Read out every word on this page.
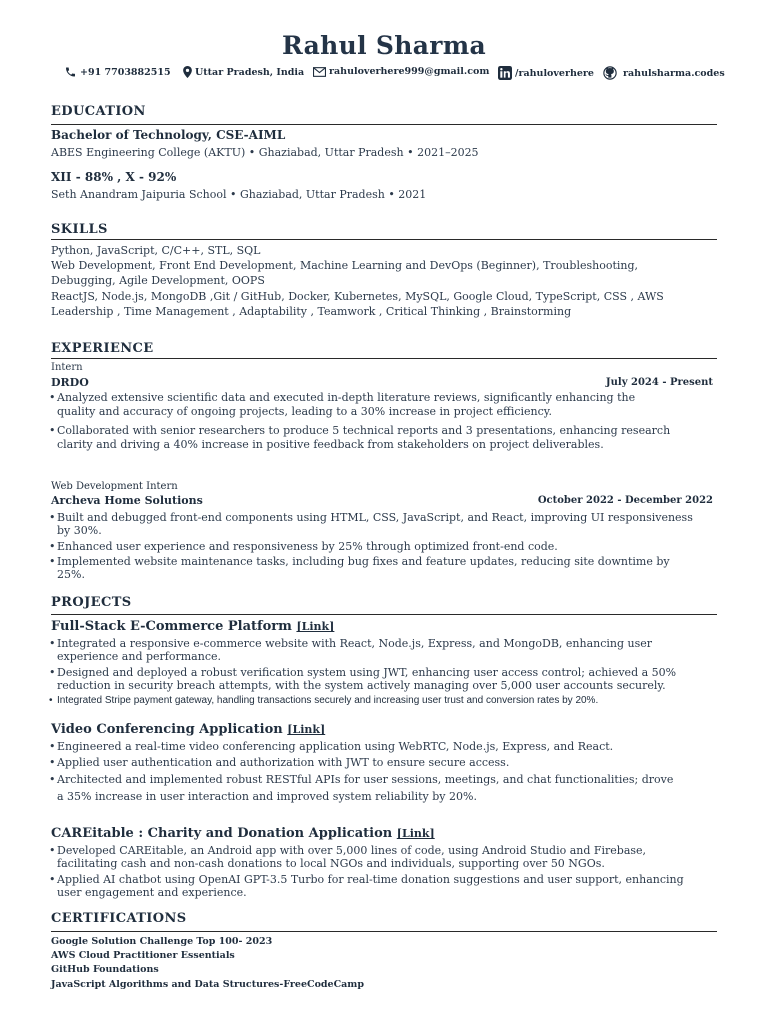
Rahul Sharma
+91 7703882515	Uttar Pradesh, India	rahuloverhere999@gmail.com	/rahuloverhere	rahulsharma.codes
EDUCATION
Bachelor of Technology, CSE-AIML
ABES Engineering College (AKTU) • Ghaziabad, Uttar Pradesh • 2021–2025
XII - 88% , X - 92%
Seth Anandram Jaipuria School • Ghaziabad, Uttar Pradesh • 2021
SKILLS
Python, JavaScript, C/C++, STL, SQL
Web Development, Front End Development, Machine Learning and DevOps (Beginner), Troubleshooting,
Debugging, Agile Development, OOPS
ReactJS, Node.js, MongoDB ,Git / GitHub, Docker, Kubernetes, MySQL, Google Cloud, TypeScript, CSS , AWS
Leadership , Time Management , Adaptability , Teamwork , Critical Thinking , Brainstorming
EXPERIENCE
Intern
DRDO	July 2024 - Present
• Analyzed extensive scientific data and executed in-depth literature reviews, significantly enhancing the
quality and accuracy of ongoing projects, leading to a 30% increase in project efficiency.
• Collaborated with senior researchers to produce 5 technical reports and 3 presentations, enhancing research
clarity and driving a 40% increase in positive feedback from stakeholders on project deliverables.
Web Development Intern
Archeva Home Solutions	October 2022 - December 2022
• Built and debugged front-end components using HTML, CSS, JavaScript, and React, improving UI responsiveness
by 30%.
• Enhanced user experience and responsiveness by 25% through optimized front-end code.
• Implemented website maintenance tasks, including bug fixes and feature updates, reducing site downtime by
25%.
PROJECTS
Full-Stack E-Commerce Platform [Link]
• Integrated a responsive e-commerce website with React, Node.js, Express, and MongoDB, enhancing user
experience and performance.
• Designed and deployed a robust verification system using JWT, enhancing user access control; achieved a 50%
reduction in security breach attempts, with the system actively managing over 5,000 user accounts securely.
• Integrated Stripe payment gateway, handling transactions securely and increasing user trust and conversion rates by 20%.
Video Conferencing Application [Link]
• Engineered a real-time video conferencing application using WebRTC, Node.js, Express, and React.
• Applied user authentication and authorization with JWT to ensure secure access.
• Architected and implemented robust RESTful APIs for user sessions, meetings, and chat functionalities; drove
a 35% increase in user interaction and improved system reliability by 20%.
CAREitable : Charity and Donation Application [Link]
• Developed CAREitable, an Android app with over 5,000 lines of code, using Android Studio and Firebase,
facilitating cash and non-cash donations to local NGOs and individuals, supporting over 50 NGOs.
• Applied AI chatbot using OpenAI GPT-3.5 Turbo for real-time donation suggestions and user support, enhancing
user engagement and experience.
CERTIFICATIONS
Google Solution Challenge Top 100- 2023
AWS Cloud Practitioner Essentials
GitHub Foundations
JavaScript Algorithms and Data Structures-FreeCodeCamp
